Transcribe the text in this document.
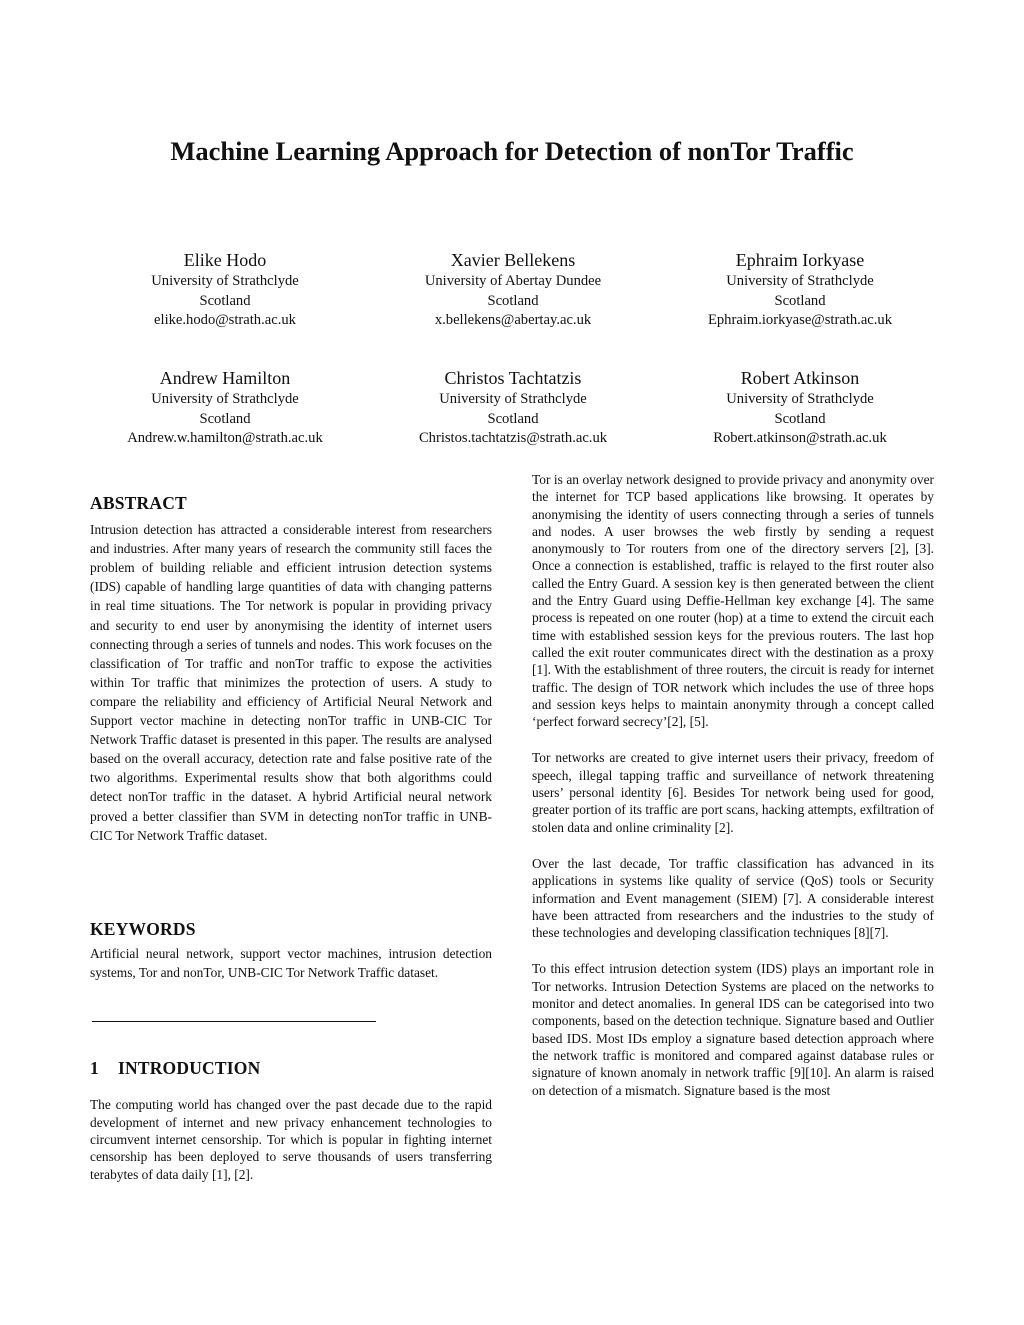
Machine Learning Approach for Detection of nonTor Traffic
Elike Hodo
University of Strathclyde
Scotland
elike.hodo@strath.ac.uk
Xavier Bellekens
University of Abertay Dundee
Scotland
x.bellekens@abertay.ac.uk
Ephraim Iorkyase
University of Strathclyde
Scotland
Ephraim.iorkyase@strath.ac.uk
Andrew Hamilton
University of Strathclyde
Scotland
Andrew.w.hamilton@strath.ac.uk
Christos Tachtatzis
University of Strathclyde
Scotland
Christos.tachtatzis@strath.ac.uk
Robert Atkinson
University of Strathclyde
Scotland
Robert.atkinson@strath.ac.uk
ABSTRACT

Intrusion detection has attracted a considerable interest from researchers and industries. After many years of research the community still faces the problem of building reliable and efficient intrusion detection systems (IDS) capable of handling large quantities of data with changing patterns in real time situations. The Tor network is popular in providing privacy and security to end user by anonymising the identity of internet users connecting through a series of tunnels and nodes. This work focuses on the classification of Tor traffic and nonTor traffic to expose the activities within Tor traffic that minimizes the protection of users. A study to compare the reliability and efficiency of Artificial Neural Network and Support vector machine in detecting nonTor traffic in UNB-CIC Tor Network Traffic dataset is presented in this paper. The results are analysed based on the overall accuracy, detection rate and false positive rate of the two algorithms. Experimental results show that both algorithms could detect nonTor traffic in the dataset. A hybrid Artificial neural network proved a better classifier than SVM in detecting nonTor traffic in UNB-CIC Tor Network Traffic dataset.

KEYWORDS

Artificial neural network, support vector machines, intrusion detection systems, Tor and nonTor, UNB-CIC Tor Network Traffic dataset.

1 INTRODUCTION

The computing world has changed over the past decade due to the rapid development of internet and new privacy enhancement technologies to circumvent internet censorship. Tor which is popular in fighting internet censorship has been deployed to serve thousands of users transferring terabytes of data daily [1], [2].

Tor is an overlay network designed to provide privacy and anonymity over the internet for TCP based applications like browsing. It operates by anonymising the identity of users connecting through a series of tunnels and nodes. A user browses the web firstly by sending a request anonymously to Tor routers from one of the directory servers [2], [3]. Once a connection is established, traffic is relayed to the first router also called the Entry Guard. A session key is then generated between the client and the Entry Guard using Deffie-Hellman key exchange [4]. The same process is repeated on one router (hop) at a time to extend the circuit each time with established session keys for the previous routers. The last hop called the exit router communicates direct with the destination as a proxy [1]. With the establishment of three routers, the circuit is ready for internet traffic. The design of TOR network which includes the use of three hops and session keys helps to maintain anonymity through a concept called ‘perfect forward secrecy’[2], [5].

Tor networks are created to give internet users their privacy, freedom of speech, illegal tapping traffic and surveillance of network threatening users’ personal identity [6]. Besides Tor network being used for good, greater portion of its traffic are port scans, hacking attempts, exfiltration of stolen data and online criminality [2].

Over the last decade, Tor traffic classification has advanced in its applications in systems like quality of service (QoS) tools or Security information and Event management (SIEM) [7]. A considerable interest have been attracted from researchers and the industries to the study of these technologies and developing classification techniques [8][7].

To this effect intrusion detection system (IDS) plays an important role in Tor networks. Intrusion Detection Systems are placed on the networks to monitor and detect anomalies. In general IDS can be categorised into two components, based on the detection technique. Signature based and Outlier based IDS. Most IDs employ a signature based detection approach where the network traffic is monitored and compared against database rules or signature of known anomaly in network traffic [9][10]. An alarm is raised on detection of a mismatch. Signature based is the most
